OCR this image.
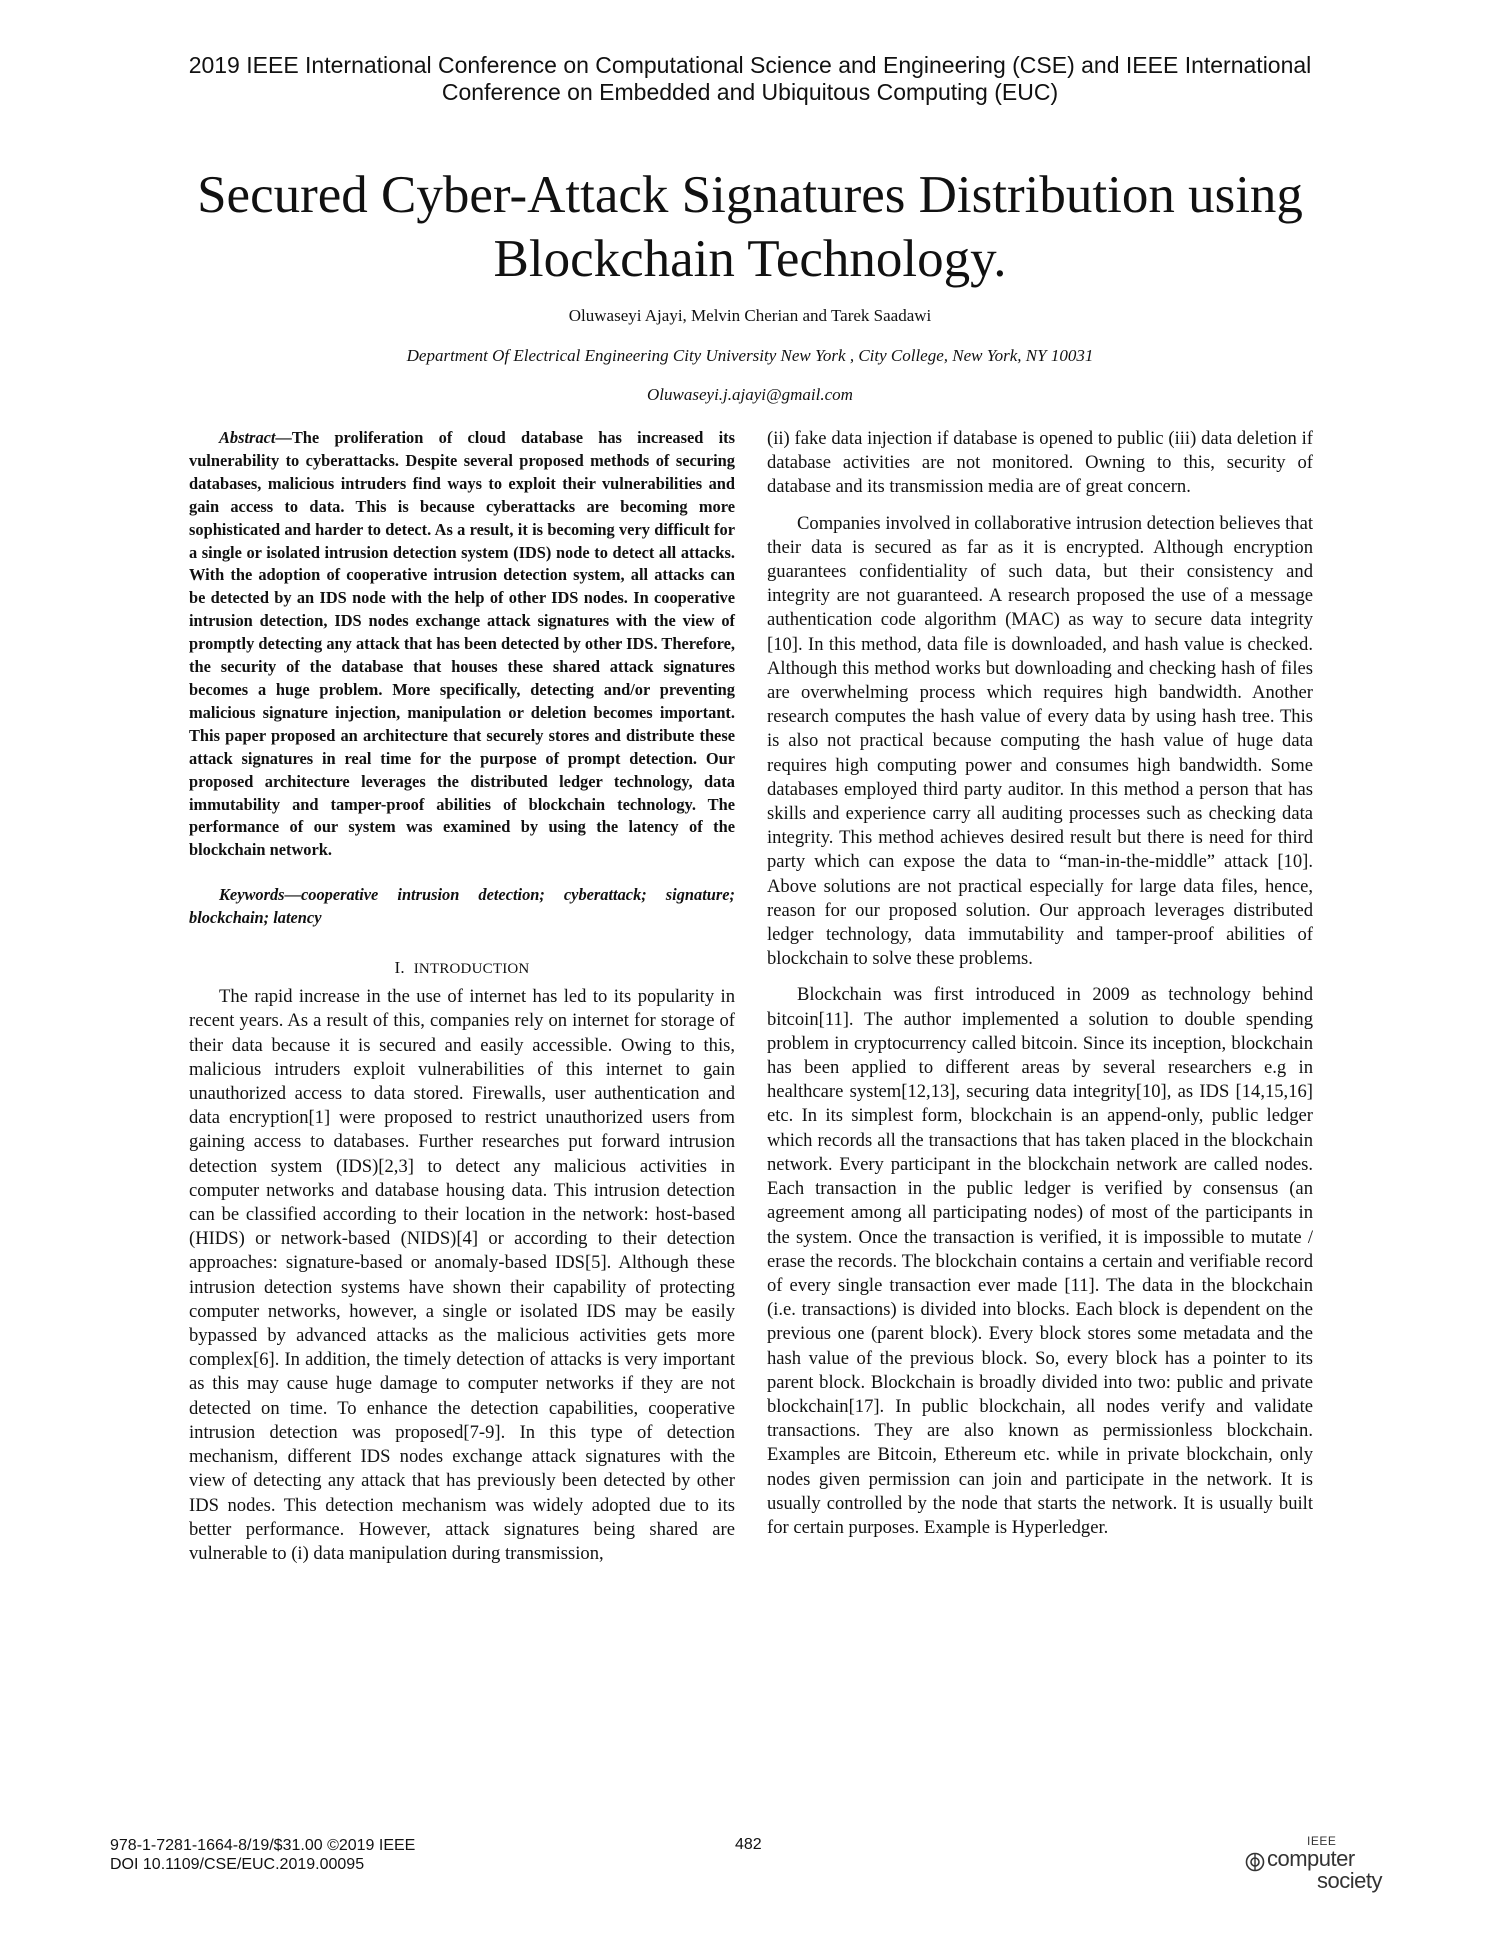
2019 IEEE International Conference on Computational Science and Engineering (CSE) and IEEE International
Conference on Embedded and Ubiquitous Computing (EUC)
Secured Cyber-Attack Signatures Distribution using
Blockchain Technology.
Oluwaseyi Ajayi, Melvin Cherian and Tarek Saadawi
Department Of Electrical Engineering City University New York , City College, New York, NY 10031
Oluwaseyi.j.ajayi@gmail.com

Abstract—The proliferation of cloud database has increased its vulnerability to cyberattacks. Despite several proposed methods of securing databases, malicious intruders find ways to exploit their vulnerabilities and gain access to data. This is because cyberattacks are becoming more sophisticated and harder to detect. As a result, it is becoming very difficult for a single or isolated intrusion detection system (IDS) node to detect all attacks. With the adoption of cooperative intrusion detection system, all attacks can be detected by an IDS node with the help of other IDS nodes. In cooperative intrusion detection, IDS nodes exchange attack signatures with the view of promptly detecting any attack that has been detected by other IDS. Therefore, the security of the database that houses these shared attack signatures becomes a huge problem. More specifically, detecting and/or preventing malicious signature injection, manipulation or deletion becomes important. This paper proposed an architecture that securely stores and distribute these attack signatures in real time for the purpose of prompt detection. Our proposed architecture leverages the distributed ledger technology, data immutability and tamper-proof abilities of blockchain technology. The performance of our system was examined by using the latency of the blockchain network.

Keywords—cooperative intrusion detection; cyberattack; signature; blockchain; latency

I. INTRODUCTION

The rapid increase in the use of internet has led to its popularity in recent years. As a result of this, companies rely on internet for storage of their data because it is secured and easily accessible. Owing to this, malicious intruders exploit vulnerabilities of this internet to gain unauthorized access to data stored. Firewalls, user authentication and data encryption[1] were proposed to restrict unauthorized users from gaining access to databases. Further researches put forward intrusion detection system (IDS)[2,3] to detect any malicious activities in computer networks and database housing data. This intrusion detection can be classified according to their location in the network: host-based (HIDS) or network-based (NIDS)[4] or according to their detection approaches: signature-based or anomaly-based IDS[5]. Although these intrusion detection systems have shown their capability of protecting computer networks, however, a single or isolated IDS may be easily bypassed by advanced attacks as the malicious activities gets more complex[6]. In addition, the timely detection of attacks is very important as this may cause huge damage to computer networks if they are not detected on time. To enhance the detection capabilities, cooperative intrusion detection was proposed[7-9]. In this type of detection mechanism, different IDS nodes exchange attack signatures with the view of detecting any attack that has previously been detected by other IDS nodes. This detection mechanism was widely adopted due to its better performance. However, attack signatures being shared are vulnerable to (i) data manipulation during transmission,

(ii) fake data injection if database is opened to public (iii) data deletion if database activities are not monitored. Owning to this, security of database and its transmission media are of great concern.

Companies involved in collaborative intrusion detection believes that their data is secured as far as it is encrypted. Although encryption guarantees confidentiality of such data, but their consistency and integrity are not guaranteed. A research proposed the use of a message authentication code algorithm (MAC) as way to secure data integrity [10]. In this method, data file is downloaded, and hash value is checked. Although this method works but downloading and checking hash of files are overwhelming process which requires high bandwidth. Another research computes the hash value of every data by using hash tree. This is also not practical because computing the hash value of huge data requires high computing power and consumes high bandwidth. Some databases employed third party auditor. In this method a person that has skills and experience carry all auditing processes such as checking data integrity. This method achieves desired result but there is need for third party which can expose the data to “man-in-the-middle” attack [10]. Above solutions are not practical especially for large data files, hence, reason for our proposed solution. Our approach leverages distributed ledger technology, data immutability and tamper-proof abilities of blockchain to solve these problems.

Blockchain was first introduced in 2009 as technology behind bitcoin[11]. The author implemented a solution to double spending problem in cryptocurrency called bitcoin. Since its inception, blockchain has been applied to different areas by several researchers e.g in healthcare system[12,13], securing data integrity[10], as IDS [14,15,16] etc. In its simplest form, blockchain is an append-only, public ledger which records all the transactions that has taken placed in the blockchain network. Every participant in the blockchain network are called nodes. Each transaction in the public ledger is verified by consensus (an agreement among all participating nodes) of most of the participants in the system. Once the transaction is verified, it is impossible to mutate / erase the records. The blockchain contains a certain and verifiable record of every single transaction ever made [11]. The data in the blockchain (i.e. transactions) is divided into blocks. Each block is dependent on the previous one (parent block). Every block stores some metadata and the hash value of the previous block. So, every block has a pointer to its parent block. Blockchain is broadly divided into two: public and private blockchain[17]. In public blockchain, all nodes verify and validate transactions. They are also known as permissionless blockchain. Examples are Bitcoin, Ethereum etc. while in private blockchain, only nodes given permission can join and participate in the network. It is usually controlled by the node that starts the network. It is usually built for certain purposes. Example is Hyperledger.

978-1-7281-1664-8/19/$31.00 ©2019 IEEE
DOI 10.1109/CSE/EUC.2019.00095
482	IEEE
computer
society
